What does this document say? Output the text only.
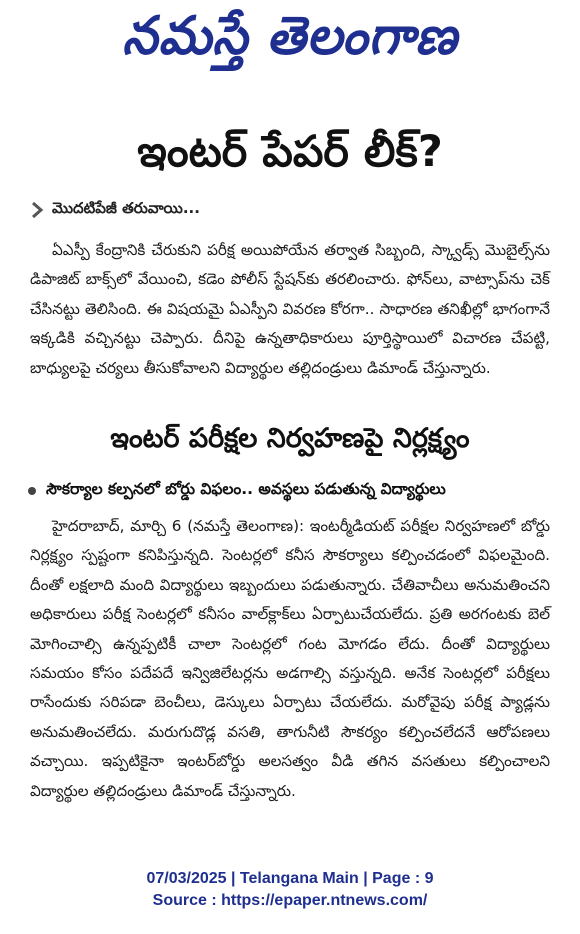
నమస్తే తెలంగాణ
ఇంటర్ పేపర్ లీక్?
మొదటిపేజీ తరువాయి...

ఏఎస్పీ కేంద్రానికి చేరుకుని పరీక్ష అయిపోయేన తర్వాత సిబ్బంది, స్క్వాడ్స్ మొబైల్స్‌ను డిపాజిట్ బాక్స్‌లో వేయించి, కడెం పోలీస్ స్టేషన్‌కు తరలించారు. ఫోన్‌లు, వాట్సాప్‌ను చెక్ చేసినట్టు తెలిసింది. ఈ విషయమై ఏఎస్పీని వివరణ కోరగా.. సాధారణ తనిఖీల్లో భాగంగానే ఇక్కడికి వచ్చినట్టు చెప్పారు. దీనిపై ఉన్నతాధికారులు పూర్తిస్థాయిలో విచారణ చేపట్టి, బాధ్యులపై చర్యలు తీసుకోవాలని విద్యార్థుల తల్లిదండ్రులు డిమాండ్ చేస్తున్నారు.

ఇంటర్ పరీక్షల నిర్వహణపై నిర్లక్ష్యం
సౌకర్యాల కల్పనలో బోర్డు విఫలం.. అవస్థలు పడుతున్న విద్యార్థులు

హైదరాబాద్, మార్చి 6 (నమస్తే తెలంగాణ): ఇంటర్మీడియట్ పరీక్షల నిర్వహణలో బోర్డు నిర్లక్ష్యం స్పష్టంగా కనిపిస్తున్నది. సెంటర్లలో కనీస సౌకర్యాలు కల్పించడంలో విఫలమైంది. దీంతో లక్షలాది మంది విద్యార్థులు ఇబ్బందులు పడుతున్నారు. చేతివాచీలు అనుమతించని అధికారులు పరీక్ష సెంటర్లలో కనీసం వాల్‌క్లాక్‌లు ఏర్పాటుచేయలేదు. ప్రతి అరగంటకు బెల్ మోగించాల్సి ఉన్నప్పటికీ చాలా సెంటర్లలో గంట మోగడం లేదు. దీంతో విద్యార్థులు సమయం కోసం పదేపదే ఇన్విజిలేటర్లను అడగాల్సి వస్తున్నది. అనేక సెంటర్లలో పరీక్షలు రాసేందుకు సరిపడా బెంచీలు, డెస్కులు ఏర్పాటు చేయలేదు. మరోవైపు పరీక్ష ప్యాడ్లను అనుమతించలేదు. మరుగుదొడ్ల వసతి, తాగునీటి సౌకర్యం కల్పించలేదనే ఆరోపణలు వచ్చాయి. ఇప్పటికైనా ఇంటర్‌బోర్డు అలసత్వం వీడి తగిన వసతులు కల్పించాలని విద్యార్థుల తల్లిదండ్రులు డిమాండ్ చేస్తున్నారు.

07/03/2025 | Telangana Main | Page : 9
Source : https://epaper.ntnews.com/
